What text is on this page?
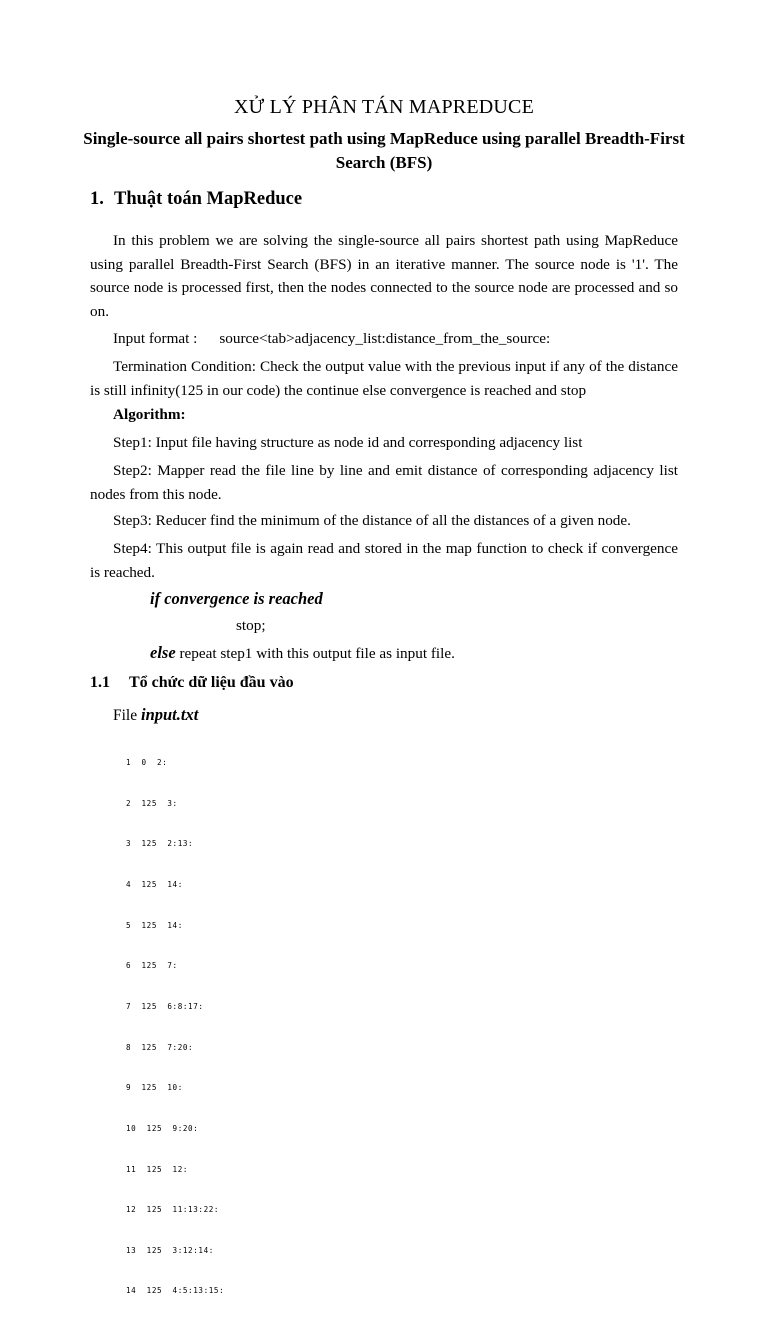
XỬ LÝ PHÂN TÁN MAPREDUCE
Single-source all pairs shortest path using MapReduce using parallel Breadth-First Search (BFS)
1. Thuật toán MapReduce
In this problem we are solving the single-source all pairs shortest path using MapReduce using parallel Breadth-First Search (BFS) in an iterative manner. The source node is '1'. The source node is processed first, then the nodes connected to the source node are processed and so on.
Input format : source<tab>adjacency_list:distance_from_the_source:
Termination Condition: Check the output value with the previous input if any of the distance is still infinity(125 in our code) the continue else convergence is reached and stop
Algorithm:
Step1: Input file having structure as node id and corresponding adjacency list
Step2: Mapper read the file line by line and emit distance of corresponding adjacency list nodes from this node.
Step3: Reducer find the minimum of the distance of all the distances of a given node.
Step4: This output file is again read and stored in the map function to check if convergence is reached.
if convergence is reached
stop;
else repeat step1 with this output file as input file.
1.1 Tổ chức dữ liệu đầu vào
File input.txt

1  0  2:

2  125  3:

3  125  2:13:

4  125  14:

5  125  14:

6  125  7:

7  125  6:8:17:

8  125  7:20:

9  125  10:

10  125  9:20:

11  125  12:

12  125  11:13:22:

13  125  3:12:14:

14  125  4:5:13:15:
